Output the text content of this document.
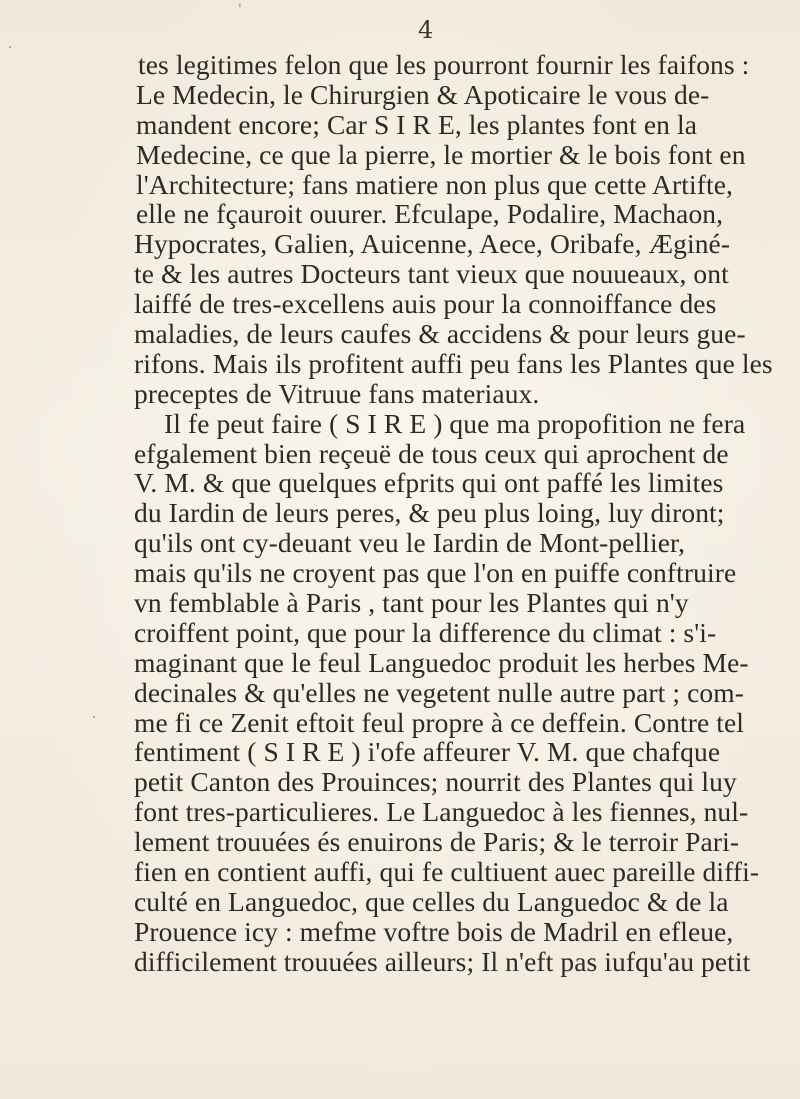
4
tes legitimes felon que les pourront fournir les faifons :
Le Medecin, le Chirurgien & Apoticaire le vous de-
mandent encore; Car S I R E, les plantes font en la
Medecine, ce que la pierre, le mortier & le bois font en
l'Architecture; fans matiere non plus que cette Artifte,
elle ne fçauroit ouurer. Efculape, Podalire, Machaon,
Hypocrates, Galien, Auicenne, Aece, Oribafe, Æginé-
te & les autres Docteurs tant vieux que nouueaux, ont
laiffé de tres-excellens auis pour la connoiffance des
maladies, de leurs caufes & accidens & pour leurs gue-
rifons. Mais ils profitent auffi peu fans les Plantes que les
preceptes de Vitruue fans materiaux.
Il fe peut faire ( S I R E ) que ma propofition ne fera
efgalement bien reçeuë de tous ceux qui aprochent de
V. M. & que quelques efprits qui ont paffé les limites
du Iardin de leurs peres, & peu plus loing, luy diront;
qu'ils ont cy-deuant veu le Iardin de Mont-pellier,
mais qu'ils ne croyent pas que l'on en puiffe conftruire
vn femblable à Paris , tant pour les Plantes qui n'y
croiffent point, que pour la difference du climat : s'i-
maginant que le feul Languedoc produit les herbes Me-
decinales & qu'elles ne vegetent nulle autre part ; com-
me fi ce Zenit eftoit feul propre à ce deffein. Contre tel
fentiment ( S I R E ) i'ofe affeurer V. M. que chafque
petit Canton des Prouinces; nourrit des Plantes qui luy
font tres-particulieres. Le Languedoc à les fiennes, nul-
lement trouuées és enuirons de Paris; & le terroir Pari-
fien en contient auffi, qui fe cultiuent auec pareille diffi-
culté en Languedoc, que celles du Languedoc & de la
Prouence icy : mefme voftre bois de Madril en efleue,
difficilement trouuées ailleurs; Il n'eft pas iufqu'au petit
'
·
·
